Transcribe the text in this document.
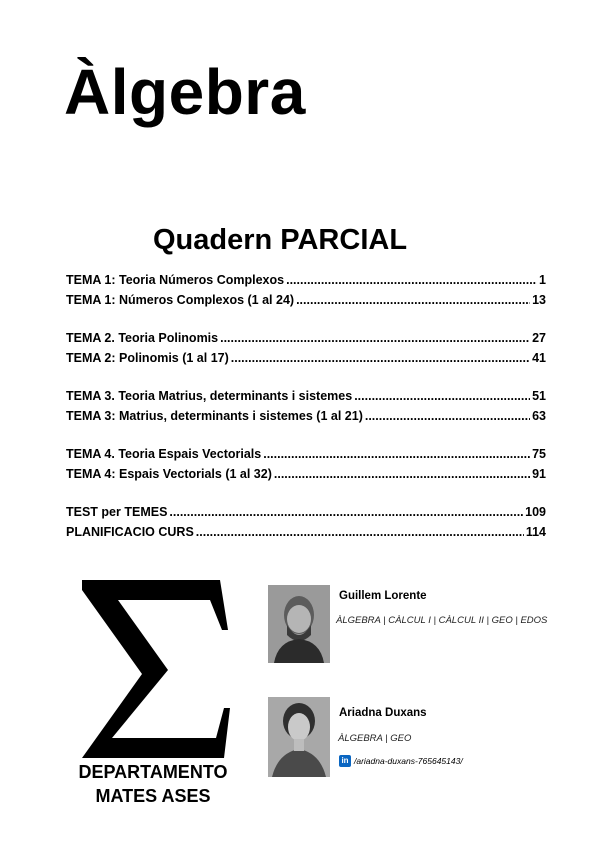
Àlgebra
Quadern PARCIAL
TEMA 1: Teoria Números Complexos .....	1
TEMA 1: Números Complexos (1 al 24) .....	13
TEMA 2. Teoria Polinomis .....	27
TEMA 2: Polinomis (1 al 17) .....	41
TEMA 3. Teoria Matrius, determinants i sistemes .....	51
TEMA 3: Matrius, determinants i sistemes (1 al 21) .....	63
TEMA 4. Teoria Espais Vectorials .....	75
TEMA 4: Espais Vectorials (1 al 32) .....	91
TEST per TEMES .....	109
PLANIFICACIO CURS .....	114
DEPARTAMENTO
MATES ASES
Guillem Lorente
ÀLGEBRA | CÀLCUL I | CÀLCUL II | GEO | EDOS
Ariadna Duxans
ÀLGEBRA | GEO
in /ariadna-duxans-765645143/
